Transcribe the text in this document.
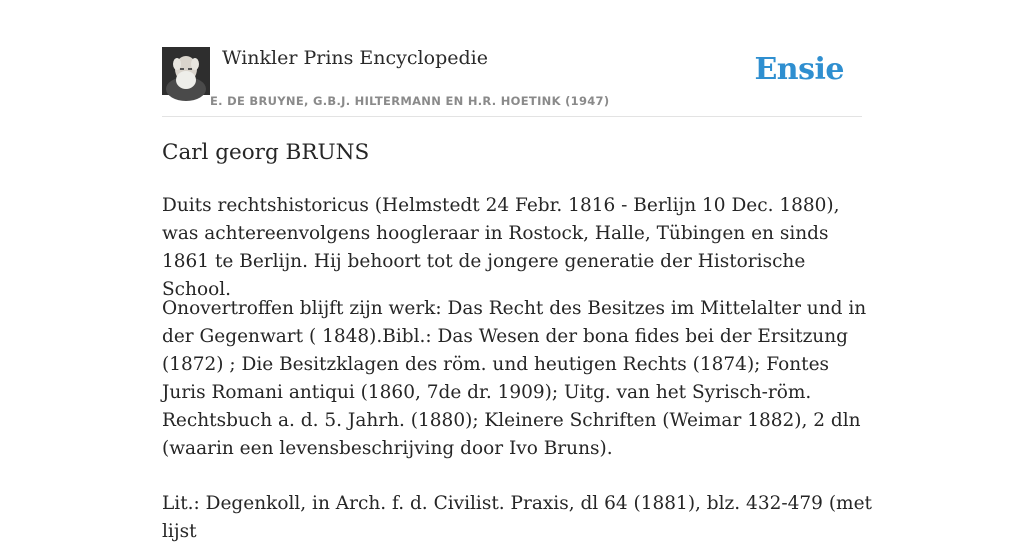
Winkler Prins Encyclopedie
E. DE BRUYNE, G.B.J. HILTERMANN EN H.R. HOETINK (1947)
Ensie
Carl georg BRUNS

Duits rechtshistoricus (Helmstedt 24 Febr. 1816 - Berlijn 10 Dec. 1880), was achtereenvolgens hoogleraar in Rostock, Halle, Tübingen en sinds 1861 te Berlijn. Hij behoort tot de jongere generatie der Historische School.

Onovertroffen blijft zijn werk: Das Recht des Besitzes im Mittelalter und in der Gegenwart ( 1848).Bibl.: Das Wesen der bona fides bei der Ersitzung (1872) ; Die Besitzklagen des röm. und heutigen Rechts (1874); Fontes Juris Romani antiqui (1860, 7de dr. 1909); Uitg. van het Syrisch-röm. Rechtsbuch a. d. 5. Jahrh. (1880); Kleinere Schriften (Weimar 1882), 2 dln (waarin een levensbeschrijving door Ivo Bruns).

Lit.: Degenkoll, in Arch. f. d. Civilist. Praxis, dl 64 (1881), blz. 432-479 (met lijst
